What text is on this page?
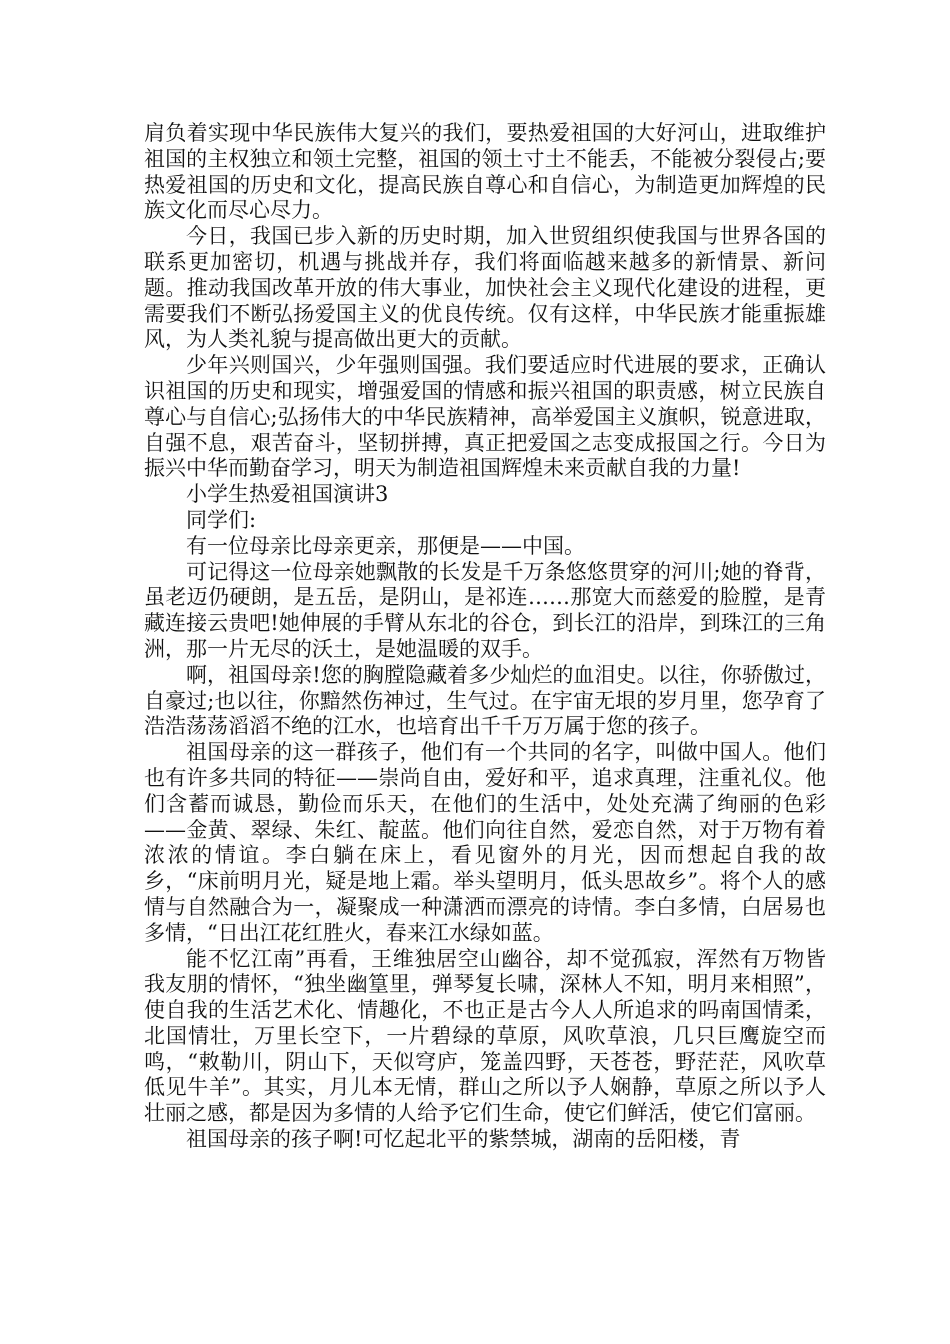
肩负着实现中华民族伟大复兴的我们，要热爱祖国的大好河山，进取维护祖国的主权独立和领土完整，祖国的领土寸土不能丢，不能被分裂侵占;要热爱祖国的历史和文化，提高民族自尊心和自信心，为制造更加辉煌的民族文化而尽心尽力。

今日，我国已步入新的历史时期，加入世贸组织使我国与世界各国的联系更加密切，机遇与挑战并存，我们将面临越来越多的新情景、新问题。推动我国改革开放的伟大事业，加快社会主义现代化建设的进程，更需要我们不断弘扬爱国主义的优良传统。仅有这样，中华民族才能重振雄风，为人类礼貌与提高做出更大的贡献。

少年兴则国兴，少年强则国强。我们要适应时代进展的要求，正确认识祖国的历史和现实，增强爱国的情感和振兴祖国的职责感，树立民族自尊心与自信心;弘扬伟大的中华民族精神，高举爱国主义旗帜，锐意进取，自强不息，艰苦奋斗，坚韧拼搏，真正把爱国之志变成报国之行。今日为振兴中华而勤奋学习，明天为制造祖国辉煌未来贡献自我的力量!

小学生热爱祖国演讲3

同学们:

有一位母亲比母亲更亲，那便是——中国。

可记得这一位母亲她飘散的长发是千万条悠悠贯穿的河川;她的脊背，虽老迈仍硬朗，是五岳，是阴山，是祁连……那宽大而慈爱的脸膛，是青藏连接云贵吧!她伸展的手臂从东北的谷仓，到长江的沿岸，到珠江的三角洲，那一片无尽的沃土，是她温暖的双手。

啊，祖国母亲!您的胸膛隐藏着多少灿烂的血泪史。以往，你骄傲过，自豪过;也以往，你黯然伤神过，生气过。在宇宙无垠的岁月里，您孕育了浩浩荡荡滔滔不绝的江水，也培育出千千万万属于您的孩子。

祖国母亲的这一群孩子，他们有一个共同的名字，叫做中国人。他们也有许多共同的特征——崇尚自由，爱好和平，追求真理，注重礼仪。他们含蓄而诚恳，勤俭而乐天，在他们的生活中，处处充满了绚丽的色彩——金黄、翠绿、朱红、靛蓝。他们向往自然，爱恋自然，对于万物有着浓浓的情谊。李白躺在床上，看见窗外的月光，因而想起自我的故乡，“床前明月光，疑是地上霜。举头望明月，低头思故乡”。将个人的感情与自然融合为一，凝聚成一种潇洒而漂亮的诗情。李白多情，白居易也多情，“日出江花红胜火，春来江水绿如蓝。

能不忆江南”再看，王维独居空山幽谷，却不觉孤寂，浑然有万物皆我友朋的情怀，“独坐幽篁里，弹琴复长啸，深林人不知，明月来相照”，使自我的生活艺术化、情趣化，不也正是古今人人所追求的吗南国情柔，北国情壮，万里长空下，一片碧绿的草原，风吹草浪，几只巨鹰旋空而鸣，“敕勒川，阴山下，天似穹庐，笼盖四野，天苍苍，野茫茫，风吹草低见牛羊”。其实，月儿本无情，群山之所以予人娴静，草原之所以予人壮丽之感，都是因为多情的人给予它们生命，使它们鲜活，使它们富丽。

祖国母亲的孩子啊!可忆起北平的紫禁城，湖南的岳阳楼，青
